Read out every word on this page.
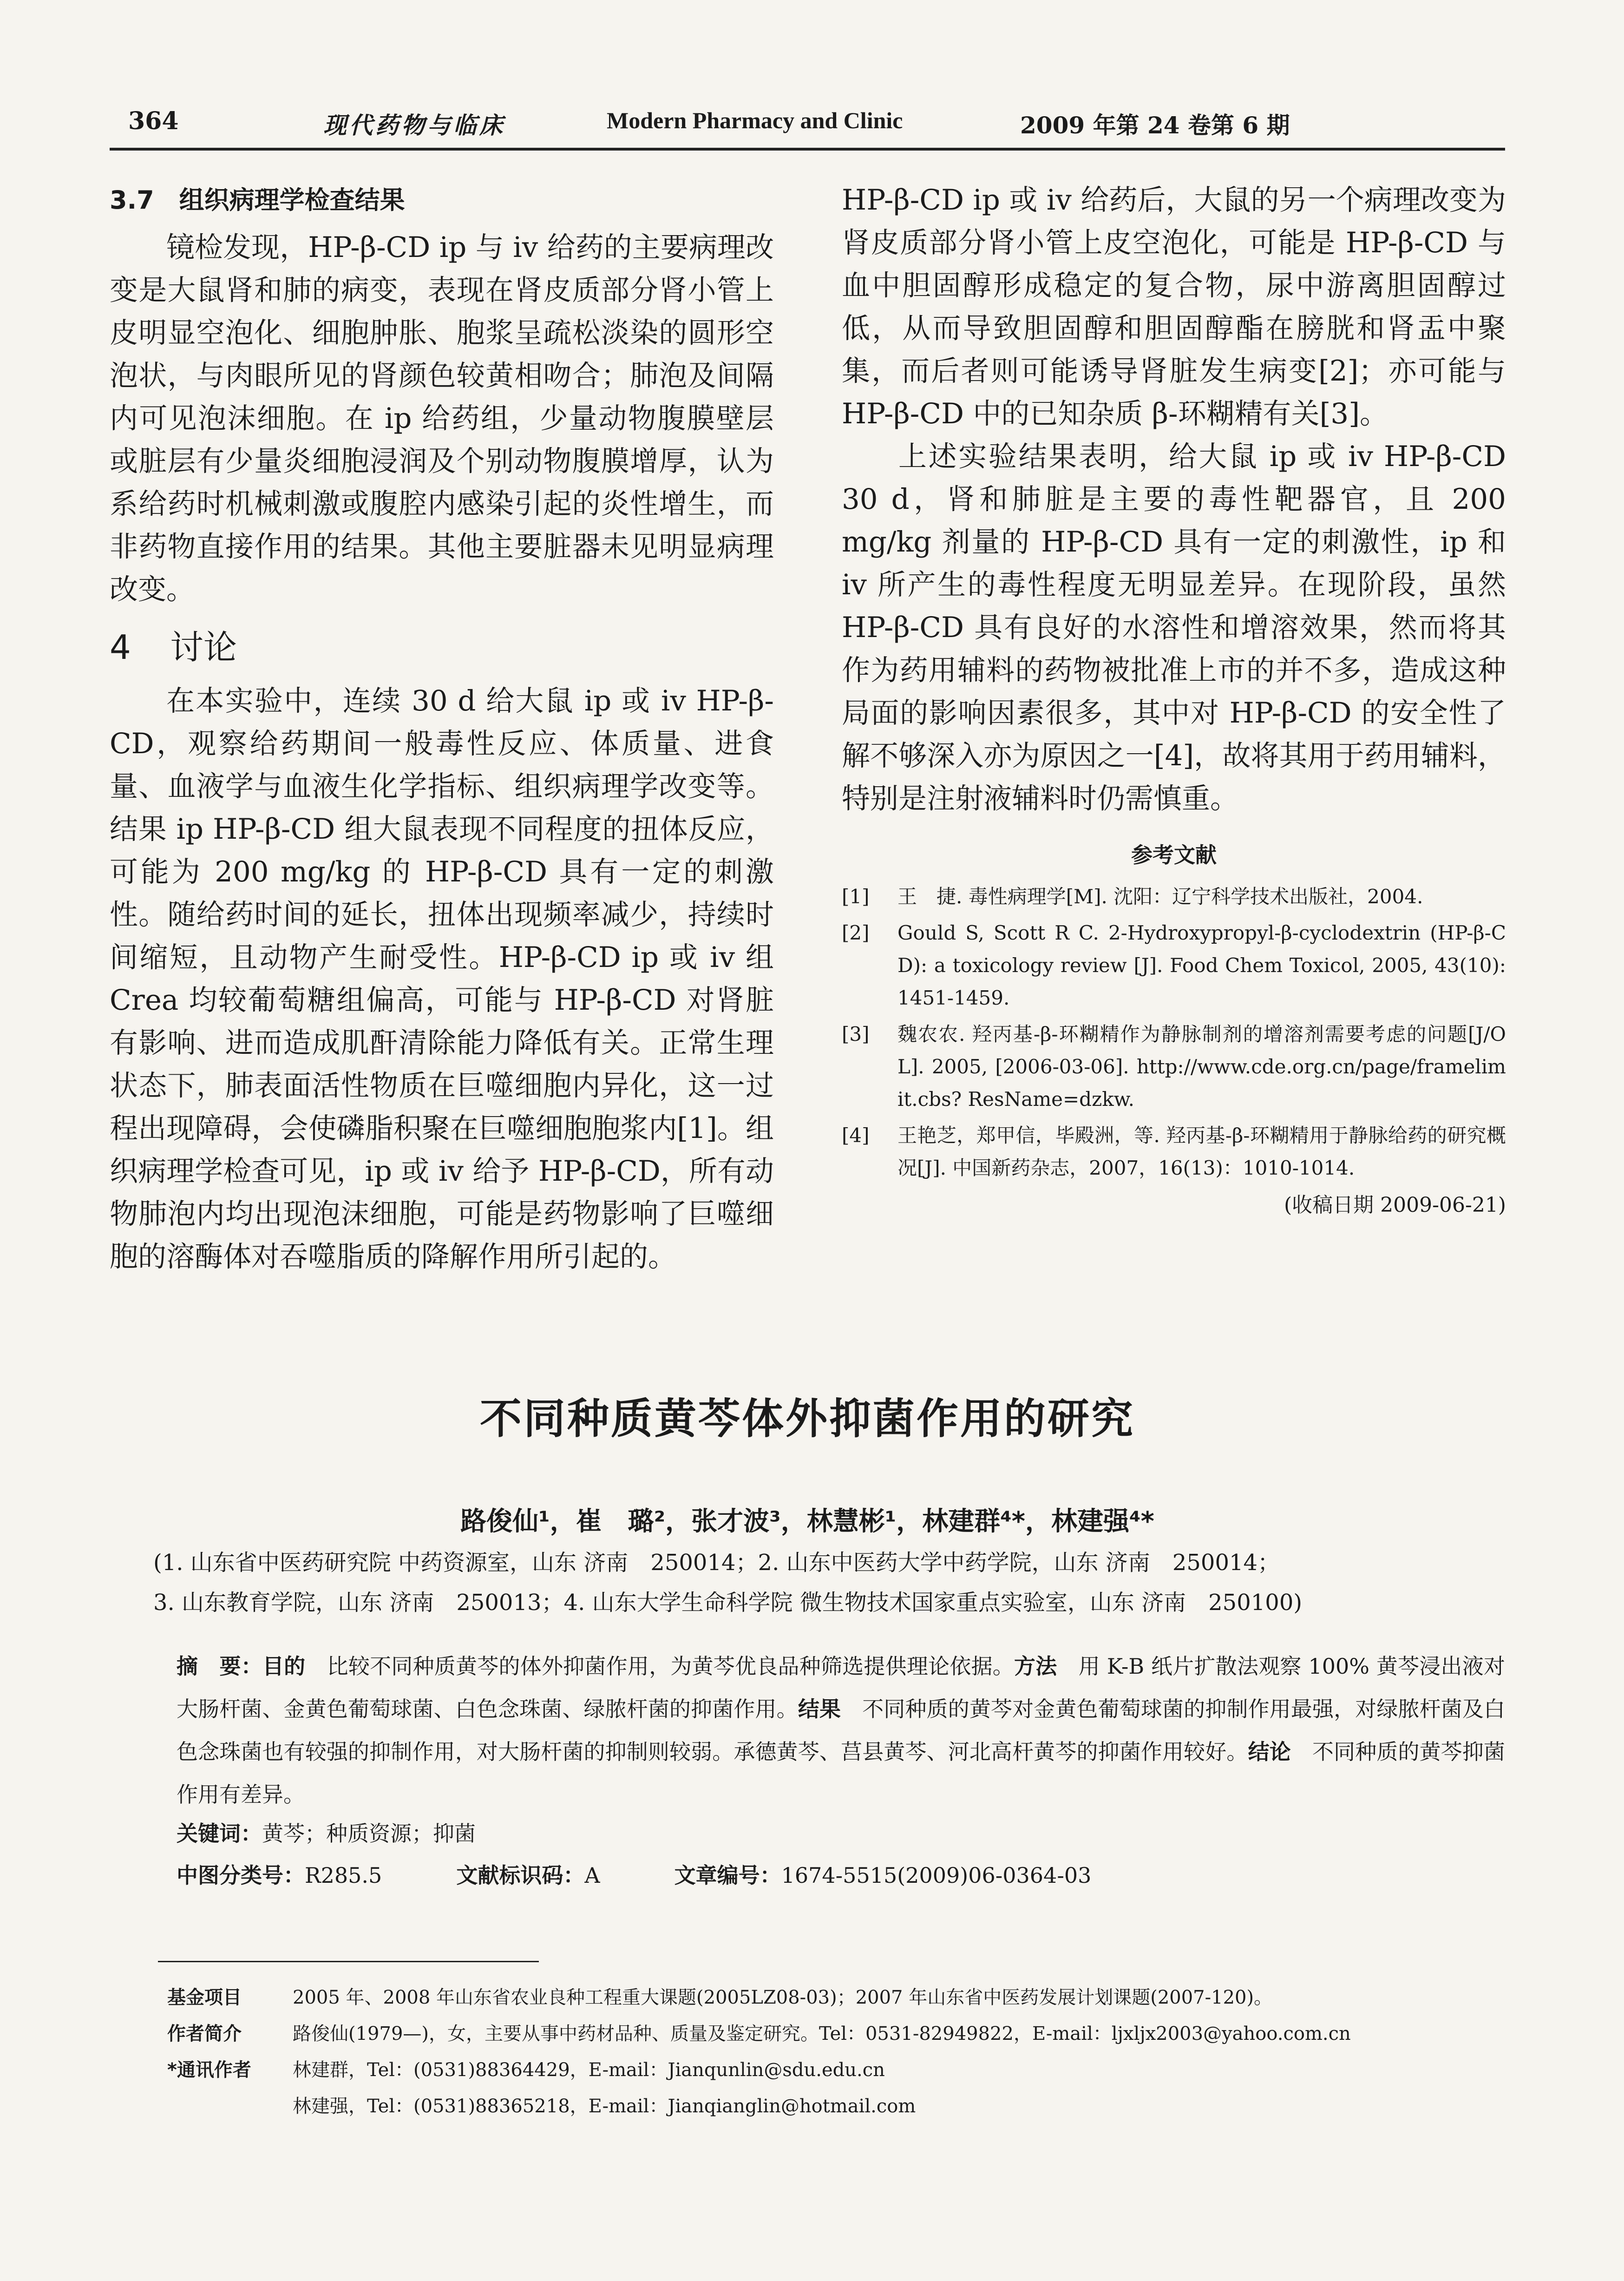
364	现代药物与临床	Modern Pharmacy and Clinic	2009 年第 24 卷第 6 期
3.7　组织病理学检查结果

镜检发现，HP-β-CD ip 与 iv 给药的主要病理改变是大鼠肾和肺的病变，表现在肾皮质部分肾小管上皮明显空泡化、细胞肿胀、胞浆呈疏松淡染的圆形空泡状，与肉眼所见的肾颜色较黄相吻合；肺泡及间隔内可见泡沫细胞。在 ip 给药组，少量动物腹膜壁层或脏层有少量炎细胞浸润及个别动物腹膜增厚，认为系给药时机械刺激或腹腔内感染引起的炎性增生，而非药物直接作用的结果。其他主要脏器未见明显病理改变。

4 讨论

在本实验中，连续 30 d 给大鼠 ip 或 iv HP-β-CD，观察给药期间一般毒性反应、体质量、进食量、血液学与血液生化学指标、组织病理学改变等。结果 ip HP-β-CD 组大鼠表现不同程度的扭体反应，可能为 200 mg/kg 的 HP-β-CD 具有一定的刺激性。随给药时间的延长，扭体出现频率减少，持续时间缩短，且动物产生耐受性。HP-β-CD ip 或 iv 组 Crea 均较葡萄糖组偏高，可能与 HP-β-CD 对肾脏有影响、进而造成肌酐清除能力降低有关。正常生理状态下，肺表面活性物质在巨噬细胞内异化，这一过程出现障碍，会使磷脂积聚在巨噬细胞胞浆内[1]。组织病理学检查可见，ip 或 iv 给予 HP-β-CD，所有动物肺泡内均出现泡沫细胞，可能是药物影响了巨噬细胞的溶酶体对吞噬脂质的降解作用所引起的。

HP-β-CD ip 或 iv 给药后，大鼠的另一个病理改变为肾皮质部分肾小管上皮空泡化，可能是 HP-β-CD 与血中胆固醇形成稳定的复合物，尿中游离胆固醇过低，从而导致胆固醇和胆固醇酯在膀胱和肾盂中聚集，而后者则可能诱导肾脏发生病变[2]；亦可能与 HP-β-CD 中的已知杂质 β-环糊精有关[3]。

上述实验结果表明，给大鼠 ip 或 iv HP-β-CD 30 d，肾和肺脏是主要的毒性靶器官，且 200 mg/kg 剂量的 HP-β-CD 具有一定的刺激性，ip 和 iv 所产生的毒性程度无明显差异。在现阶段，虽然 HP-β-CD 具有良好的水溶性和增溶效果，然而将其作为药用辅料的药物被批准上市的并不多，造成这种局面的影响因素很多，其中对 HP-β-CD 的安全性了解不够深入亦为原因之一[4]，故将其用于药用辅料，特别是注射液辅料时仍需慎重。

参考文献
[1]	王　捷. 毒性病理学[M]. 沈阳：辽宁科学技术出版社，2004.
[2]	Gould S, Scott R C. 2-Hydroxypropyl-β-cyclodextrin (HP-β-CD): a toxicology review [J]. Food Chem Toxicol, 2005, 43(10): 1451-1459.
[3]	魏农农. 羟丙基-β-环糊精作为静脉制剂的增溶剂需要考虑的问题[J/OL]. 2005, [2006-03-06]. http://www.cde.org.cn/page/framelimit.cbs? ResName=dzkw.
[4]	王艳芝，郑甲信，毕殿洲，等. 羟丙基-β-环糊精用于静脉给药的研究概况[J]. 中国新药杂志，2007，16(13)：1010-1014.
(收稿日期 2009-06-21)
不同种质黄芩体外抑菌作用的研究
路俊仙¹，崔　璐²，张才波³，林慧彬¹，林建群⁴*，林建强⁴*
(1. 山东省中医药研究院 中药资源室，山东 济南　250014；2. 山东中医药大学中药学院，山东 济南　250014；
3. 山东教育学院，山东 济南　250013；4. 山东大学生命科学院 微生物技术国家重点实验室，山东 济南　250100)
摘　要：目的　 比较不同种质黄芩的体外抑菌作用，为黄芩优良品种筛选提供理论依据。方法　 用 K-B 纸片扩散法观察 100% 黄芩浸出液对大肠杆菌、金黄色葡萄球菌、白色念珠菌、绿脓杆菌的抑菌作用。结果　 不同种质的黄芩对金黄色葡萄球菌的抑制作用最强，对绿脓杆菌及白色念珠菌也有较强的抑制作用，对大肠杆菌的抑制则较弱。承德黄芩、莒县黄芩、河北高杆黄芩的抑菌作用较好。结论　 不同种质的黄芩抑菌作用有差异。
关键词：黄芩；种质资源；抑菌
中图分类号：R285.5	文献标识码：A	文章编号：1674-5515(2009)06-0364-03
基金项目	2005 年、2008 年山东省农业良种工程重大课题(2005LZ08-03)；2007 年山东省中医药发展计划课题(2007-120)。
作者简介	路俊仙(1979—)，女，主要从事中药材品种、质量及鉴定研究。Tel：0531-82949822，E-mail：ljxljx2003@yahoo.com.cn
*通讯作者	林建群，Tel：(0531)88364429，E-mail：Jianqunlin@sdu.edu.cn
林建强，Tel：(0531)88365218，E-mail：Jianqianglin@hotmail.com
